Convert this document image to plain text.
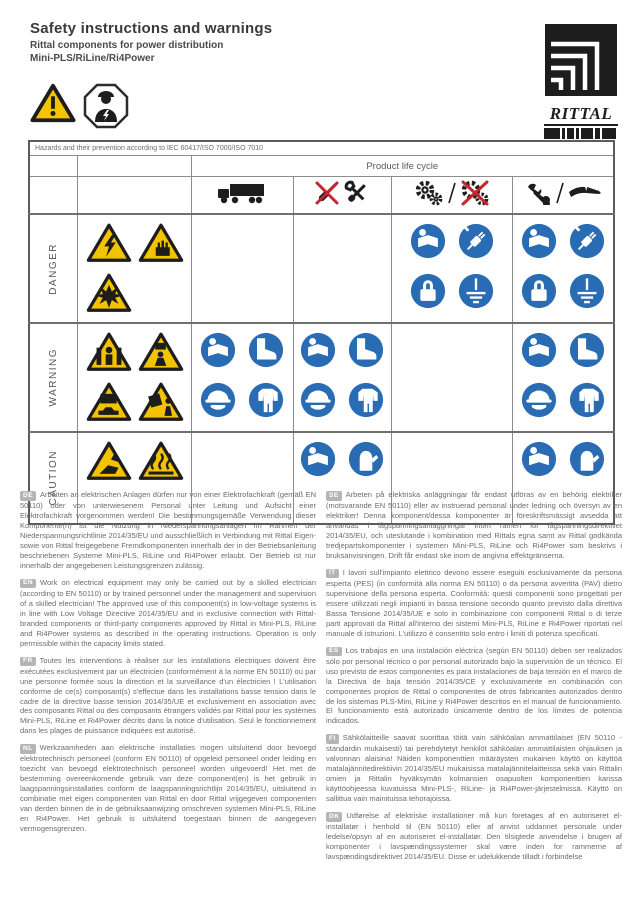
Safety instructions and warnings
Rittal components for power distribution
Mini-PLS/RiLine/Ri4Power
RITTAL
Hazards and their prevention according to IEC 60417/ISO 7000/ISO 7010					
		Product life cycle			

DANGER

WARNING

CAUTION

DE Arbeiten an elektrischen Anlagen dürfen nur von einer Elektrofachkraft (gemäß EN 50110) oder von unterwiesenem Personal unter Leitung und Aufsicht einer Elektrofachkraft vorgenommen werden! Die bestimmungsgemäße Verwendung dieser Komponente(n) ist die Nutzung in Niederspannungsanlagen im Rahmen der Niederspannungsrichtlinie 2014/35/EU und ausschließlich in Verbindung mit Rittal Eigen- sowie von Rittal freigegebene Fremdkomponenten innerhalb der in der Betriebsanleitung beschriebenen Systeme Mini-PLS, RiLine und Ri4Power erlaubt. Der Betrieb ist nur innerhalb der angegebenen Leistungsgrenzen zulässig.

EN Work on electrical equipment may only be carried out by a skilled electrician (according to EN 50110) or by trained personnel under the management and supervision of a skilled electrician! The approved use of this component(s) in low-voltage systems is in line with Low Voltage Directive 2014/35/EU and in exclusive connection with Rittal-branded components or third-party components approved by Rittal in Mini-PLS, RiLine and Ri4Power systems as described in the operating instructions. Operation is only permissible within the capacity limits stated.

FR Toutes les interventions à réaliser sur les installations électriques doivent être exécutées exclusivement par un électricien (conformément à la norme EN 50110) ou par une personne formée sous la direction et la surveillance d'un électricien ! L'utilisation conforme de ce(s) composant(s) s'effectue dans les installations basse tension dans le cadre de la directive basse tension 2014/35/UE et exclusivement en association avec des composants Rittal ou des composants étrangers validés par Rittal pour les systèmes Mini-PLS, RiLine et Ri4Power décrits dans la notice d'utilisation. Seul le fonctionnement dans les plages de puissance indiquées est autorisé.

NL Werkzaamheden aan elektrische installaties mogen uitsluitend door bevoegd elektrotechnisch personeel (conform EN 50110) of opgeleid personeel onder leiding en toezicht van bevoegd elektrotechnisch personeel worden uitgevoerd! Het met de bestemming overeenkomende gebruik van deze component(en) is het gebruik in laagspanningsinstallaties conform de laagspanningsrichtlijn 2014/35/EU, uitsluitend in combinatie met eigen componenten van Rittal en door Rittal vrijgegeven componenten van derden binnen de in de gebruiksaanwijzing omschreven systemen Mini-PLS, RiLine en Ri4Power. Het gebruik is uitsluitend toegestaan binnen de aangegeven vermogensgrenzen.

SE Arbeten på elektriska anläggningar får endast utföras av en behörig elektriker (motsvarande EN 50110) eller av instruerad personal under ledning och översyn av en elektriker! Denna komponent/dessa komponenter är föreskriftsmässigt avsedda att användas i lågspänningsanläggningar inom ramen för lågspänningsdirektivet 2014/35/EU, och uteslutande i kombination med Rittals egna samt av Rittal godkända tredjepartskomponenter i systemen Mini-PLS, RiLine och Ri4Power som beskrivs i bruksanvisningen. Drift får endast ske inom de angivna effektgränserna.

IT I lavori sull'impianto elettrico devono essere eseguiti esclusivamente da persona esperta (PES) (in conformità alla norma EN 50110) o da persona avvertita (PAV) dietro supervisione della persona esperta. Conformità: questi componenti sono progettati per essere utilizzati negli impianti in bassa tensione secondo quanto previsto dalla direttiva Bassa Tensione 2014/35/UE e solo in combinazione con componenti Rittal o di terze parti approvati da Rittal all'interno dei sistemi Mini-PLS, RiLine e Ri4Power riportati nel manuale di istruzioni. L'utilizzo è consentito solo entro i limiti di potenza specificati.

ES Los trabajos en una instalación eléctrica (según EN 50110) deben ser realizados sólo por personal técnico o por personal autorizado bajo la supervisión de un técnico. El uso previsto de estos componentes es para instalaciones de baja tensión en el marco de la Directiva de baja tensión 2014/35/CE y exclusivamente en combinación con componentes propios de Rittal o componentes de otros fabricantes autorizados dentro de los sistemas PLS-Mini, RiLine y Ri4Power descritos en el manual de funcionamiento. El funcionamiento está autorizado únicamente dentro de los límites de potencia indicados.

FI Sähkölaitteille saavat suorittaa töitä vain sähköalan ammattilaiset (EN 50110 -standardin mukaisesti) tai perehdytetyt henkilöt sähköalan ammattilaisten ohjauksen ja valvonnan alaisina! Näiden komponenttien määräysten mukainen käyttö on käyttöä matalajännitedirektiivin 2014/35/EU mukaisissa matalajännitelaitteissa sekä vain Rittalin omien ja Rittalin hyväksymän kolmansien osapuolten komponenttien kanssa käyttöohjeessa kuvatuissa Mini-PLS-, RiLine- ja Ri4Power-järjestelmissä. Käyttö on sallittua vain mainituissa tehorajoissa.

DK Udførelse af elektriske installationer må kun foretages af en autoriseret el-installatør i henhold til (EN 50110) eller af anvist uddannet personale under ledelse/opsyn af en autoriseret el-installatør. Den tilsigtede anvendelse i brugen af komponenter i lavspændingssystemer skal være inden for rammerne af lavspændingsdirektivet 2014/35/EU. Disse er udelukkende tilladt i forbindelse
